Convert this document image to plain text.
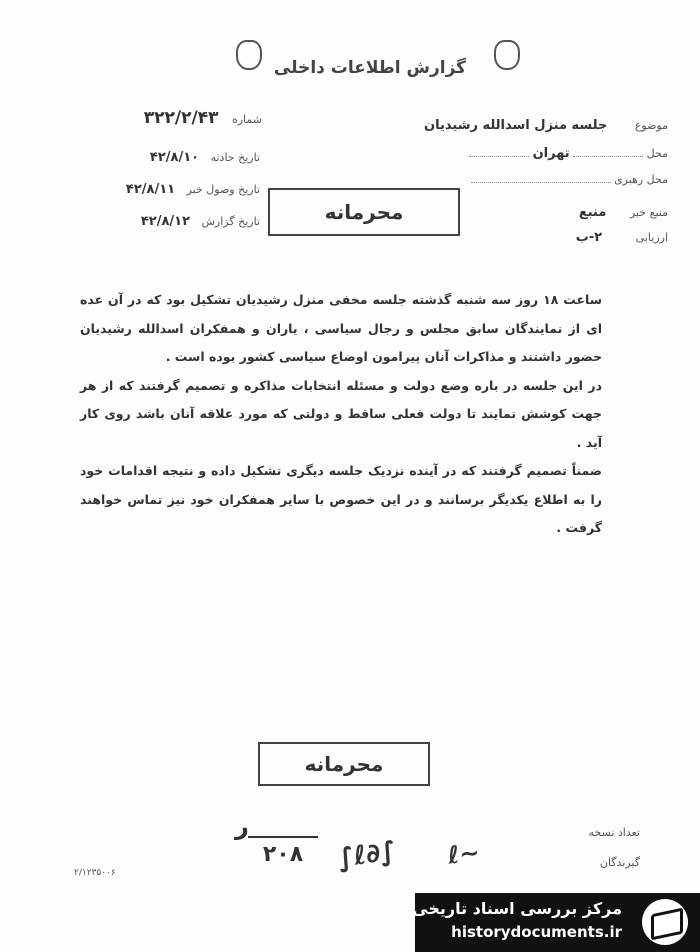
گزارش اطلاعات داخلی
موضوع جلسه منزل اسدالله رشیدیان
محل  تهران
محل رهبری
منبع خبر منبع
ارزیابی ۲-ب
شماره ۳۲۲/۲/۴۳
تاریخ حادثه ۴۲/۸/۱۰
تاریخ وصول خبر ۴۲/۸/۱۱
تاریخ گزارش ۴۲/۸/۱۲	محرمانه

ساعت ۱۸ روز سه شنبه گذشته جلسه مخفی منزل رشیدیان تشکیل بود که در آن عده ای از نمایندگان سابق مجلس و رجال سیاسی ، یاران و همفکران اسدالله رشیدیان حضور داشتند و مذاکرات آنان پیرامون اوضاع سیاسی کشور بوده است .

در این جلسه در باره وضع دولت و مسئله انتخابات مذاکره و تصمیم گرفتند که از هر جهت کوشش نمایند تا دولت فعلی ساقط و دولتی که مورد علاقه آنان باشد روی کار آید .

ضمناً تصمیم گرفتند که در آینده نزدیک جلسه دیگری تشکیل داده و نتیجه اقدامات خود را به اطلاع یکدیگر برسانند و در این خصوص با سایر همفکران خود نیز تماس خواهند گرفت .

محرمانه
تعداد نسخه
گیرندگان
۲۰۸
ر
∫∂ℓ∫ ∽ℓ
۲/۱۲۳۵۰۰۶
مرکز بررسی اسناد تاریخی
historydocuments.ir
